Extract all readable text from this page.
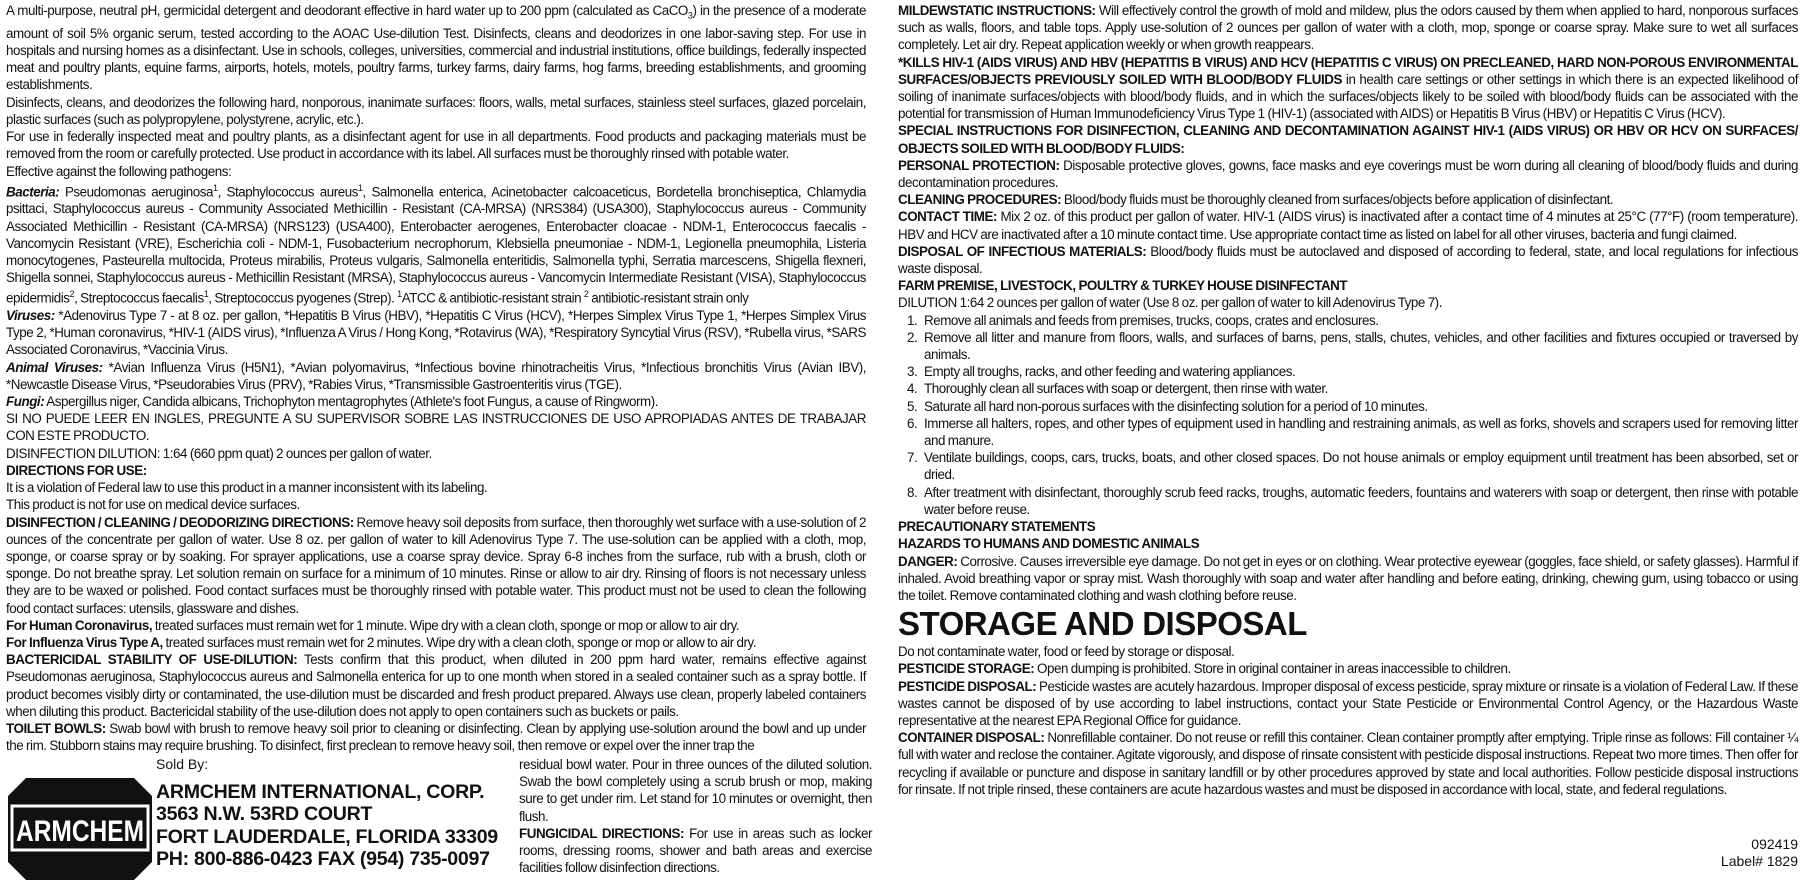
A multi-purpose, neutral pH, germicidal detergent and deodorant effective in hard water up to 200 ppm (calculated as CaCO$_3$) in the presence of a moderate amount of soil 5% organic serum, tested according to the AOAC Use-dilution Test. Disinfects, cleans and deodorizes in one labor-saving step. For use in hospitals and nursing homes as a disinfectant. Use in schools, colleges, universities, commercial and industrial institutions, office buildings, federally inspected meat and poultry plants, equine farms, airports, hotels, motels, poultry farms, turkey farms, dairy farms, hog farms, breeding establishments, and grooming establishments.

Disinfects, cleans, and deodorizes the following hard, nonporous, inanimate surfaces: floors, walls, metal surfaces, stainless steel surfaces, glazed porcelain, plastic surfaces (such as polypropylene, polystyrene, acrylic, etc.).

For use in federally inspected meat and poultry plants, as a disinfectant agent for use in all departments. Food products and packaging materials must be removed from the room or carefully protected. Use product in accordance with its label. All surfaces must be thoroughly rinsed with potable water.

Effective against the following pathogens:

Bacteria: Pseudomonas aeruginosa$^1$, Staphylococcus aureus$^1$, Salmonella enterica, Acinetobacter calcoaceticus, Bordetella bronchiseptica, Chlamydia psittaci, Staphylococcus aureus - Community Associated Methicillin - Resistant (CA-MRSA) (NRS384) (USA300), Staphylococcus aureus - Community Associated Methicillin - Resistant (CA-MRSA) (NRS123) (USA400), Enterobacter aerogenes, Enterobacter cloacae - NDM-1, Enterococcus faecalis - Vancomycin Resistant (VRE), Escherichia coli - NDM-1, Fusobacterium necrophorum, Klebsiella pneumoniae - NDM-1, Legionella pneumophila, Listeria monocytogenes, Pasteurella multocida, Proteus mirabilis, Proteus vulgaris, Salmonella enteritidis, Salmonella typhi, Serratia marcescens, Shigella flexneri, Shigella sonnei, Staphylococcus aureus - Methicillin Resistant (MRSA), Staphylococcus aureus - Vancomycin Intermediate Resistant (VISA), Staphylococcus epidermidis$^2$, Streptococcus faecalis$^1$, Streptococcus pyogenes (Strep). $^1$ATCC & antibiotic-resistant strain $^2$ antibiotic-resistant strain only

Viruses: *Adenovirus Type 7 - at 8 oz. per gallon, *Hepatitis B Virus (HBV), *Hepatitis C Virus (HCV), *Herpes Simplex Virus Type 1, *Herpes Simplex Virus Type 2, *Human coronavirus, *HIV-1 (AIDS virus), *Influenza A Virus / Hong Kong, *Rotavirus (WA), *Respiratory Syncytial Virus (RSV), *Rubella virus, *SARS Associated Coronavirus, *Vaccinia Virus.

Animal Viruses: *Avian Influenza Virus (H5N1), *Avian polyomavirus, *Infectious bovine rhinotracheitis Virus, *Infectious bronchitis Virus (Avian IBV), *Newcastle Disease Virus, *Pseudorabies Virus (PRV), *Rabies Virus, *Transmissible Gastroenteritis virus (TGE).

Fungi: Aspergillus niger, Candida albicans, Trichophyton mentagrophytes (Athlete's foot Fungus, a cause of Ringworm).

SI NO PUEDE LEER EN INGLES, PREGUNTE A SU SUPERVISOR SOBRE LAS INSTRUCCIONES DE USO APROPIADAS ANTES DE TRABAJAR CON ESTE PRODUCTO.

DISINFECTION DILUTION: 1:64 (660 ppm quat) 2 ounces per gallon of water.

DIRECTIONS FOR USE:

It is a violation of Federal law to use this product in a manner inconsistent with its labeling.

This product is not for use on medical device surfaces.

DISINFECTION / CLEANING / DEODORIZING DIRECTIONS: Remove heavy soil deposits from surface, then thoroughly wet surface with a use-solution of 2 ounces of the concentrate per gallon of water. Use 8 oz. per gallon of water to kill Adenovirus Type 7. The use-solution can be applied with a cloth, mop, sponge, or coarse spray or by soaking. For sprayer applications, use a coarse spray device. Spray 6-8 inches from the surface, rub with a brush, cloth or sponge. Do not breathe spray. Let solution remain on surface for a minimum of 10 minutes. Rinse or allow to air dry. Rinsing of floors is not necessary unless they are to be waxed or polished. Food contact surfaces must be thoroughly rinsed with potable water. This product must not be used to clean the following food contact surfaces: utensils, glassware and dishes.

For Human Coronavirus, treated surfaces must remain wet for 1 minute. Wipe dry with a clean cloth, sponge or mop or allow to air dry.

For Influenza Virus Type A, treated surfaces must remain wet for 2 minutes. Wipe dry with a clean cloth, sponge or mop or allow to air dry.

BACTERICIDAL STABILITY OF USE-DILUTION: Tests confirm that this product, when diluted in 200 ppm hard water, remains effective against Pseudomonas aeruginosa, Staphylococcus aureus and Salmonella enterica for up to one month when stored in a sealed container such as a spray bottle. If product becomes visibly dirty or contaminated, the use-dilution must be discarded and fresh product prepared. Always use clean, properly labeled containers when diluting this product. Bactericidal stability of the use-dilution does not apply to open containers such as buckets or pails.

TOILET BOWLS: Swab bowl with brush to remove heavy soil prior to cleaning or disinfecting. Clean by applying use-solution around the bowl and up under the rim. Stubborn stains may require brushing. To disinfect, first preclean to remove heavy soil, then remove or expel over the inner trap the

Sold By:
ARMCHEM
ARMCHEM INTERNATIONAL, CORP.
3563 N.W. 53RD COURT
FORT LAUDERDALE, FLORIDA 33309
PH: 800-886-0423 FAX (954) 735-0097

residual bowl water. Pour in three ounces of the diluted solution. Swab the bowl completely using a scrub brush or mop, making sure to get under rim. Let stand for 10 minutes or overnight, then flush.

FUNGICIDAL DIRECTIONS: For use in areas such as locker rooms, dressing rooms, shower and bath areas and exercise facilities follow disinfection directions.

MILDEWSTATIC INSTRUCTIONS: Will effectively control the growth of mold and mildew, plus the odors caused by them when applied to hard, nonporous surfaces such as walls, floors, and table tops. Apply use-solution of 2 ounces per gallon of water with a cloth, mop, sponge or coarse spray. Make sure to wet all surfaces completely. Let air dry. Repeat application weekly or when growth reappears.

*KILLS HIV-1 (AIDS VIRUS) AND HBV (HEPATITIS B VIRUS) AND HCV (HEPATITIS C VIRUS) ON PRECLEANED, HARD NON-POROUS ENVIRONMENTAL SURFACES/OBJECTS PREVIOUSLY SOILED WITH BLOOD/BODY FLUIDS in health care settings or other settings in which there is an expected likelihood of soiling of inanimate surfaces/objects with blood/body fluids, and in which the surfaces/objects likely to be soiled with blood/body fluids can be associated with the potential for transmission of Human Immunodeficiency Virus Type 1 (HIV-1) (associated with AIDS) or Hepatitis B Virus (HBV) or Hepatitis C Virus (HCV).

SPECIAL INSTRUCTIONS FOR DISINFECTION, CLEANING AND DECONTAMINATION AGAINST HIV-1 (AIDS VIRUS) OR HBV OR HCV ON SURFACES/ OBJECTS SOILED WITH BLOOD/BODY FLUIDS:

PERSONAL PROTECTION: Disposable protective gloves, gowns, face masks and eye coverings must be worn during all cleaning of blood/body fluids and during decontamination procedures.

CLEANING PROCEDURES: Blood/body fluids must be thoroughly cleaned from surfaces/objects before application of disinfectant.

CONTACT TIME: Mix 2 oz. of this product per gallon of water. HIV-1 (AIDS virus) is inactivated after a contact time of 4 minutes at 25°C (77°F) (room temperature). HBV and HCV are inactivated after a 10 minute contact time. Use appropriate contact time as listed on label for all other viruses, bacteria and fungi claimed.

DISPOSAL OF INFECTIOUS MATERIALS: Blood/body fluids must be autoclaved and disposed of according to federal, state, and local regulations for infectious waste disposal.

FARM PREMISE, LIVESTOCK, POULTRY & TURKEY HOUSE DISINFECTANT

DILUTION 1:64 2 ounces per gallon of water (Use 8 oz. per gallon of water to kill Adenovirus Type 7).

1. Remove all animals and feeds from premises, trucks, coops, crates and enclosures.
2. Remove all litter and manure from floors, walls, and surfaces of barns, pens, stalls, chutes, vehicles, and other facilities and fixtures occupied or traversed by animals.
3. Empty all troughs, racks, and other feeding and watering appliances.
4. Thoroughly clean all surfaces with soap or detergent, then rinse with water.
5. Saturate all hard non-porous surfaces with the disinfecting solution for a period of 10 minutes.
6. Immerse all halters, ropes, and other types of equipment used in handling and restraining animals, as well as forks, shovels and scrapers used for removing litter and manure.
7. Ventilate buildings, coops, cars, trucks, boats, and other closed spaces. Do not house animals or employ equipment until treatment has been absorbed, set or dried.
8. After treatment with disinfectant, thoroughly scrub feed racks, troughs, automatic feeders, fountains and waterers with soap or detergent, then rinse with potable water before reuse.

PRECAUTIONARY STATEMENTS

HAZARDS TO HUMANS AND DOMESTIC ANIMALS

DANGER: Corrosive. Causes irreversible eye damage. Do not get in eyes or on clothing. Wear protective eyewear (goggles, face shield, or safety glasses). Harmful if inhaled. Avoid breathing vapor or spray mist. Wash thoroughly with soap and water after handling and before eating, drinking, chewing gum, using tobacco or using the toilet. Remove contaminated clothing and wash clothing before reuse.

STORAGE AND DISPOSAL

Do not contaminate water, food or feed by storage or disposal.

PESTICIDE STORAGE: Open dumping is prohibited. Store in original container in areas inaccessible to children.

PESTICIDE DISPOSAL: Pesticide wastes are acutely hazardous. Improper disposal of excess pesticide, spray mixture or rinsate is a violation of Federal Law. If these wastes cannot be disposed of by use according to label instructions, contact your State Pesticide or Environmental Control Agency, or the Hazardous Waste representative at the nearest EPA Regional Office for guidance.

CONTAINER DISPOSAL: Nonrefillable container. Do not reuse or refill this container. Clean container promptly after emptying. Triple rinse as follows: Fill container ¼ full with water and reclose the container. Agitate vigorously, and dispose of rinsate consistent with pesticide disposal instructions. Repeat two more times. Then offer for recycling if available or puncture and dispose in sanitary landfill or by other procedures approved by state and local authorities. Follow pesticide disposal instructions for rinsate. If not triple rinsed, these containers are acute hazardous wastes and must be disposed in accordance with local, state, and federal regulations.

092419
Label# 1829
